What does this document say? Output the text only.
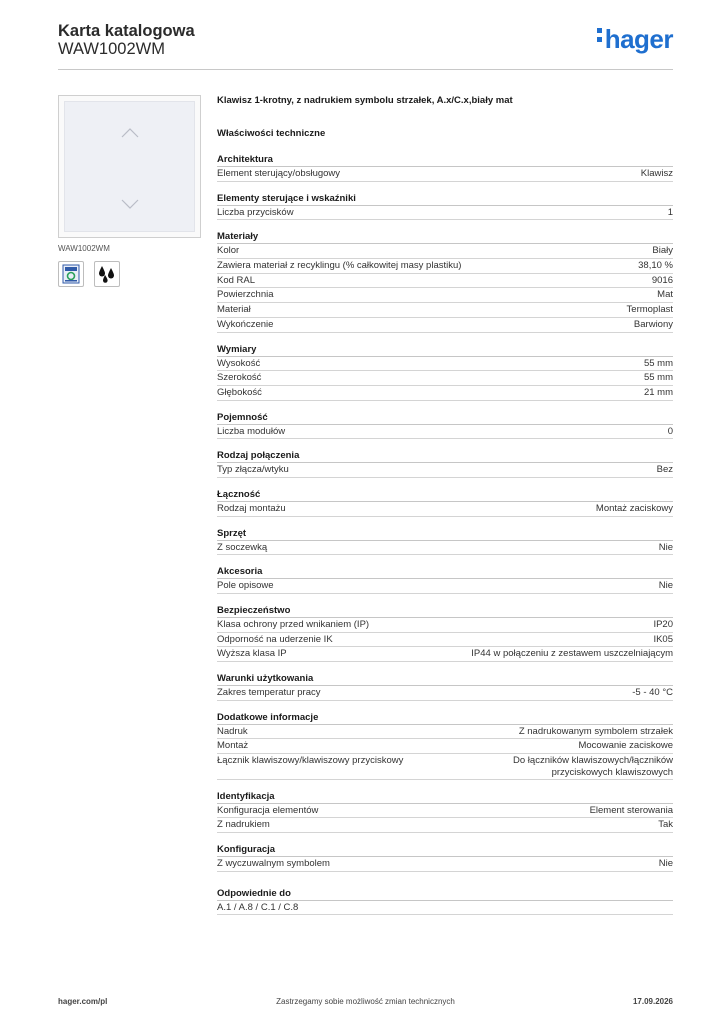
Karta katalogowa
WAW1002WM	hager
WAW1002WM
Klawisz 1-krotny, z nadrukiem symbolu strzałek, A.x/C.x,biały mat
Właściwości techniczne
Architektura
Element sterujący/obsługowy	Klawisz
Elementy sterujące i wskaźniki
Liczba przycisków	1
Materiały
Kolor	Biały
Zawiera materiał z recyklingu (% całkowitej masy plastiku)	38,10 %
Kod RAL	9016
Powierzchnia	Mat
Materiał	Termoplast
Wykończenie	Barwiony
Wymiary
Wysokość	55 mm
Szerokość	55 mm
Głębokość	21 mm
Pojemność
Liczba modułów	0
Rodzaj połączenia
Typ złącza/wtyku	Bez
Łączność
Rodzaj montażu	Montaż zaciskowy
Sprzęt
Z soczewką	Nie
Akcesoria
Pole opisowe	Nie
Bezpieczeństwo
Klasa ochrony przed wnikaniem (IP)	IP20
Odporność na uderzenie IK	IK05
Wyższa klasa IP	IP44 w połączeniu z zestawem uszczelniającym
Warunki użytkowania
Zakres temperatur pracy	-5 - 40 °C
Dodatkowe informacje
Nadruk	Z nadrukowanym symbolem strzałek
Montaż	Mocowanie zaciskowe
Łącznik klawiszowy/klawiszowy przyciskowy	Do łączników klawiszowych/łączników przyciskowych klawiszowych
Identyfikacja
Konfiguracja elementów	Element sterowania
Z nadrukiem	Tak
Konfiguracja
Z wyczuwalnym symbolem	Nie
Odpowiednie do
A.1 / A.8 / C.1 / C.8
hager.com/pl	Zastrzegamy sobie możliwość zmian technicznych	17.09.2026
